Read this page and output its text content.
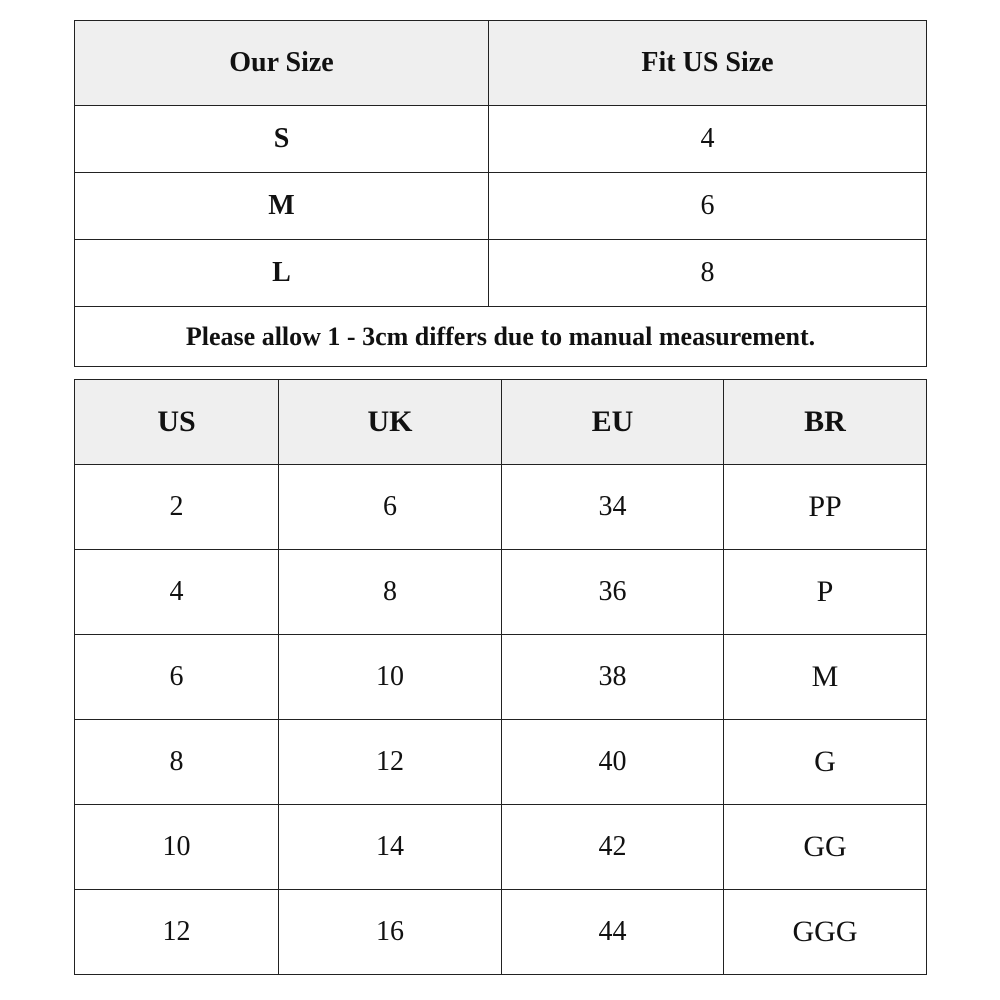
Our Size	Fit US Size
S	4
M	6
L	8
Please allow 1 - 3cm differs due to manual measurement.	
US	UK	EU	BR
2	6	34	PP
4	8	36	P
6	10	38	M
8	12	40	G
10	14	42	GG
12	16	44	GGG
